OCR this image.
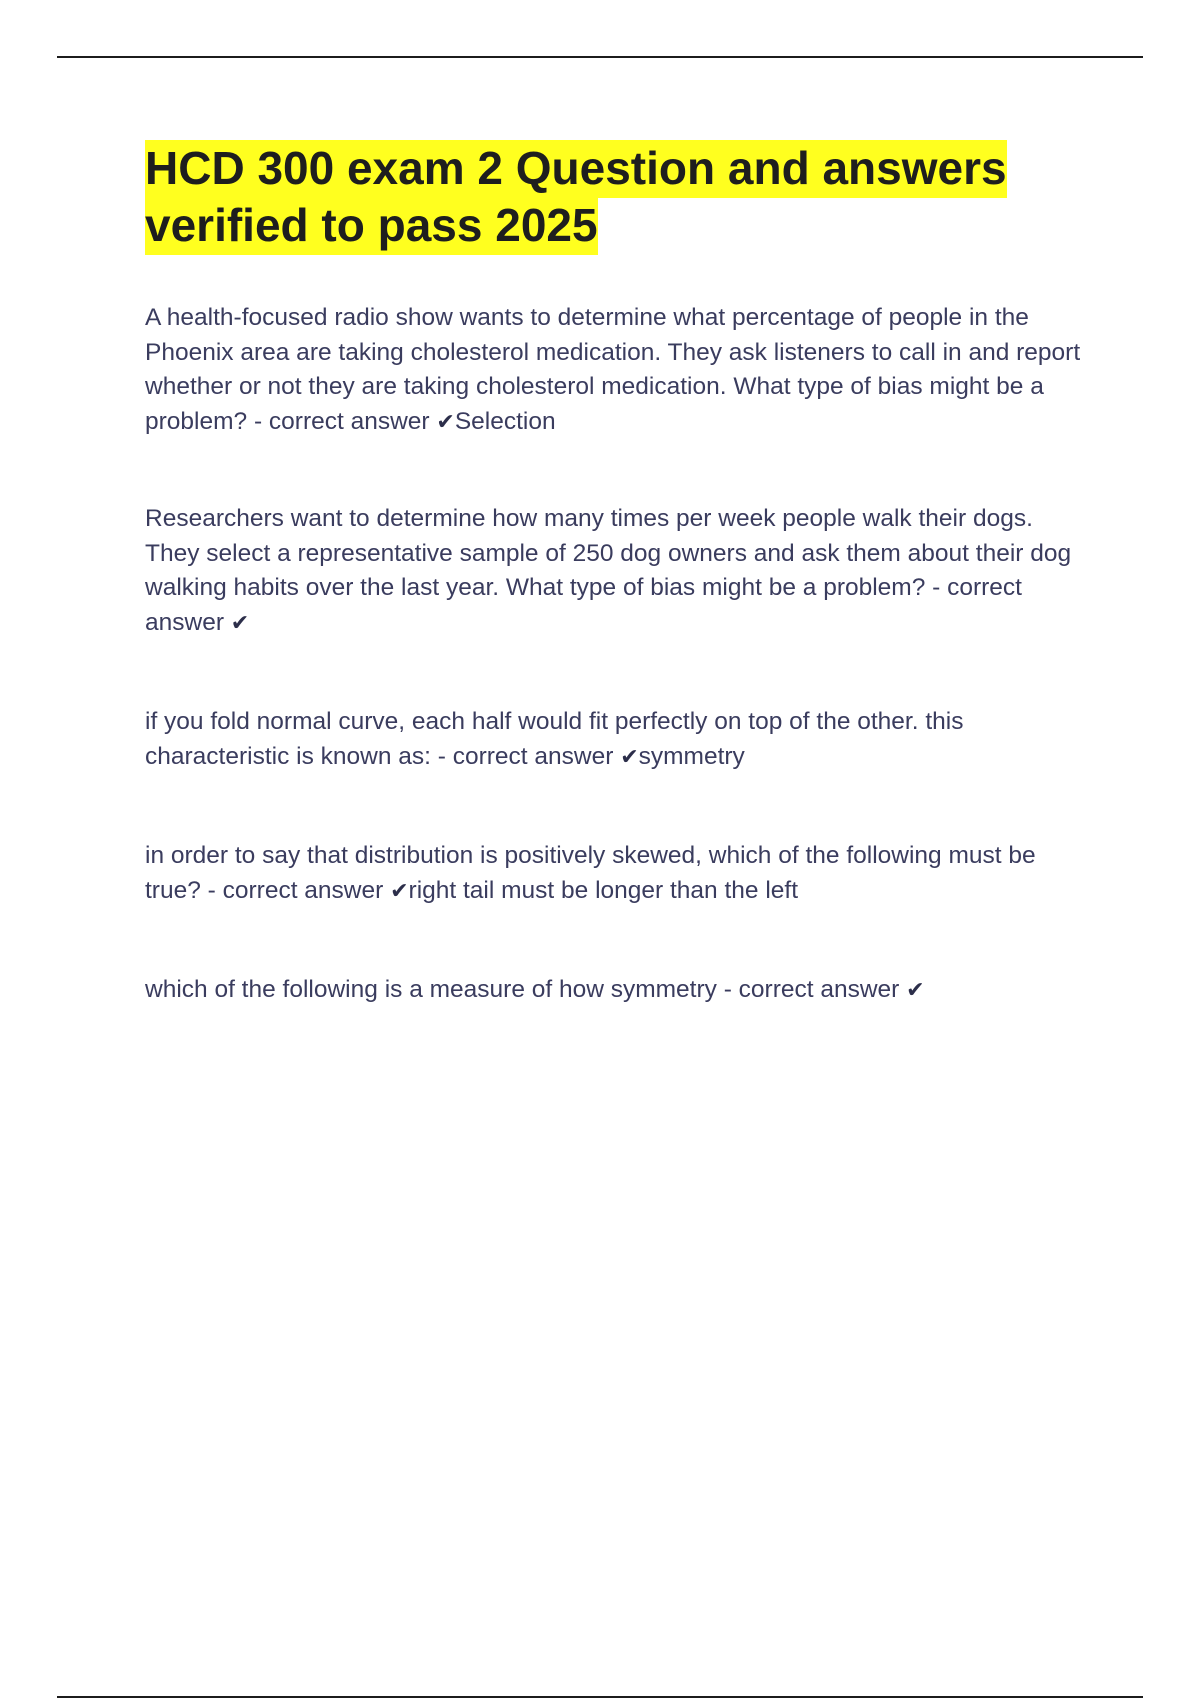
HCD 300 exam 2 Question and answers verified to pass 2025
A health-focused radio show wants to determine what percentage of people in the Phoenix area are taking cholesterol medication. They ask listeners to call in and report whether or not they are taking cholesterol medication. What type of bias might be a problem? - correct answer ✔Selection
Researchers want to determine how many times per week people walk their dogs. They select a representative sample of 250 dog owners and ask them about their dog walking habits over the last year. What type of bias might be a problem? - correct answer ✔
if you fold normal curve, each half would fit perfectly on top of the other. this characteristic is known as: - correct answer ✔symmetry
in order to say that distribution is positively skewed, which of the following must be true? - correct answer ✔right tail must be longer than the left
which of the following is a measure of how symmetry - correct answer ✔
